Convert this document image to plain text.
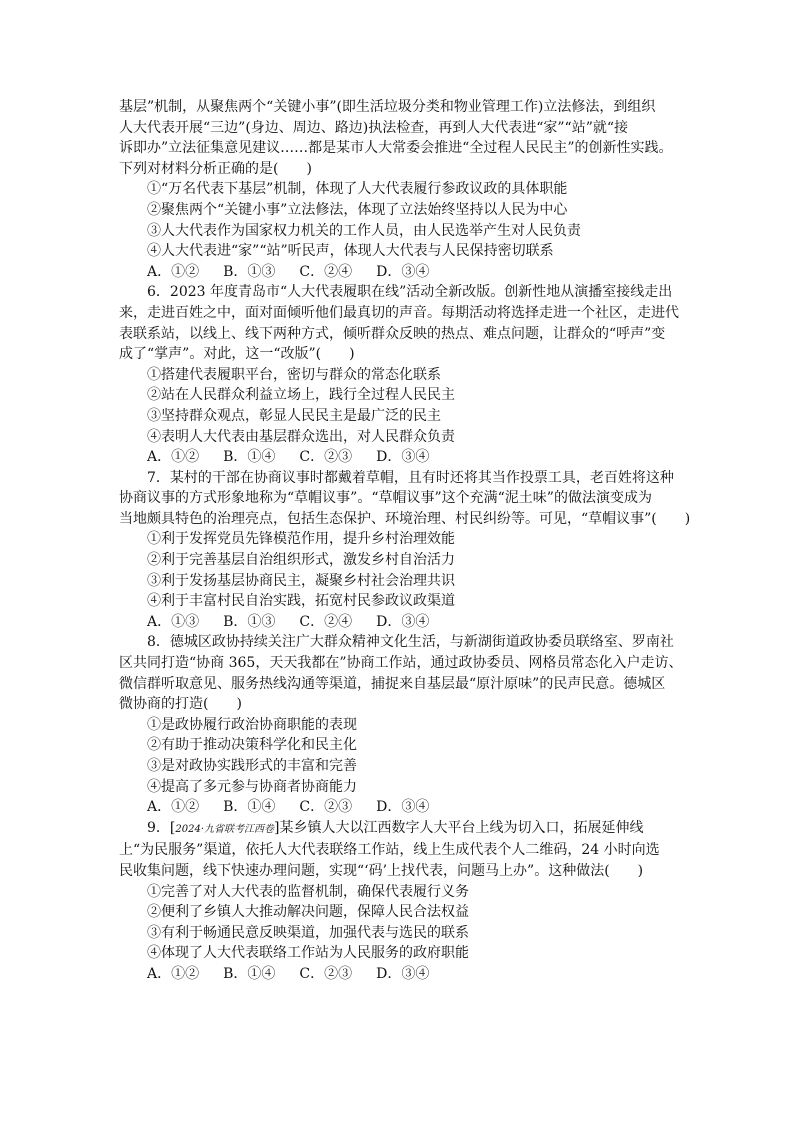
基层”机制，从聚焦两个“关键小事”(即生活垃圾分类和物业管理工作)立法修法，到组织
人大代表开展“三边”(身边、周边、路边)执法检查，再到人大代表进“家”“站”就“接
诉即办”立法征集意见建议……都是某市人大常委会推进“全过程人民民主”的创新性实践。
下列对材料分析正确的是(　　)
①“万名代表下基层”机制，体现了人大代表履行参政议政的具体职能
②聚焦两个“关键小事”立法修法，体现了立法始终坚持以人民为中心
③人大代表作为国家权力机关的工作人员，由人民选举产生对人民负责
④人大代表进“家”“站”听民声，体现人大代表与人民保持密切联系
A．①② B．①③ C．②④ D．③④
6．2023 年度青岛市“人大代表履职在线”活动全新改版。创新性地从演播室接线走出
来，走进百姓之中，面对面倾听他们最真切的声音。每期活动将选择走进一个社区，走进代
表联系站，以线上、线下两种方式，倾听群众反映的热点、难点问题，让群众的“呼声”变
成了“掌声”。对此，这一“改版”(　　)
①搭建代表履职平台，密切与群众的常态化联系
②站在人民群众利益立场上，践行全过程人民民主
③坚持群众观点，彰显人民民主是最广泛的民主
④表明人大代表由基层群众选出，对人民群众负责
A．①② B．①④ C．②③ D．③④
7．某村的干部在协商议事时都戴着草帽，且有时还将其当作投票工具，老百姓将这种
协商议事的方式形象地称为“草帽议事”。“草帽议事”这个充满“泥土味”的做法演变成为
当地颇具特色的治理亮点，包括生态保护、环境治理、村民纠纷等。可见，“草帽议事”(　　)
①利于发挥党员先锋模范作用，提升乡村治理效能
②利于完善基层自治组织形式，激发乡村自治活力
③利于发扬基层协商民主，凝聚乡村社会治理共识
④利于丰富村民自治实践，拓宽村民参政议政渠道
A．①③ B．①③ C．②④ D．③④
8．德城区政协持续关注广大群众精神文化生活，与新湖街道政协委员联络室、罗南社
区共同打造“协商 365，天天我都在”协商工作站，通过政协委员、网格员常态化入户走访、
微信群听取意见、服务热线沟通等渠道，捕捉来自基层最“原汁原味”的民声民意。德城区
微协商的打造(　　)
①是政协履行政治协商职能的表现
②有助于推动决策科学化和民主化
③是对政协实践形式的丰富和完善
④提高了多元参与协商者协商能力
A．①② B．①④ C．②③ D．③④
9．[2024·九省联考江西卷]某乡镇人大以江西数字人大平台上线为切入口，拓展延伸线
上“为民服务”渠道，依托人大代表联络工作站，线上生成代表个人二维码，24 小时向选
民收集问题，线下快速办理问题，实现“‘码’上找代表，问题马上办”。这种做法(　　)
①完善了对人大代表的监督机制，确保代表履行义务
②便利了乡镇人大推动解决问题，保障人民合法权益
③有利于畅通民意反映渠道，加强代表与选民的联系
④体现了人大代表联络工作站为人民服务的政府职能
A．①② B．①④ C．②③ D．③④
